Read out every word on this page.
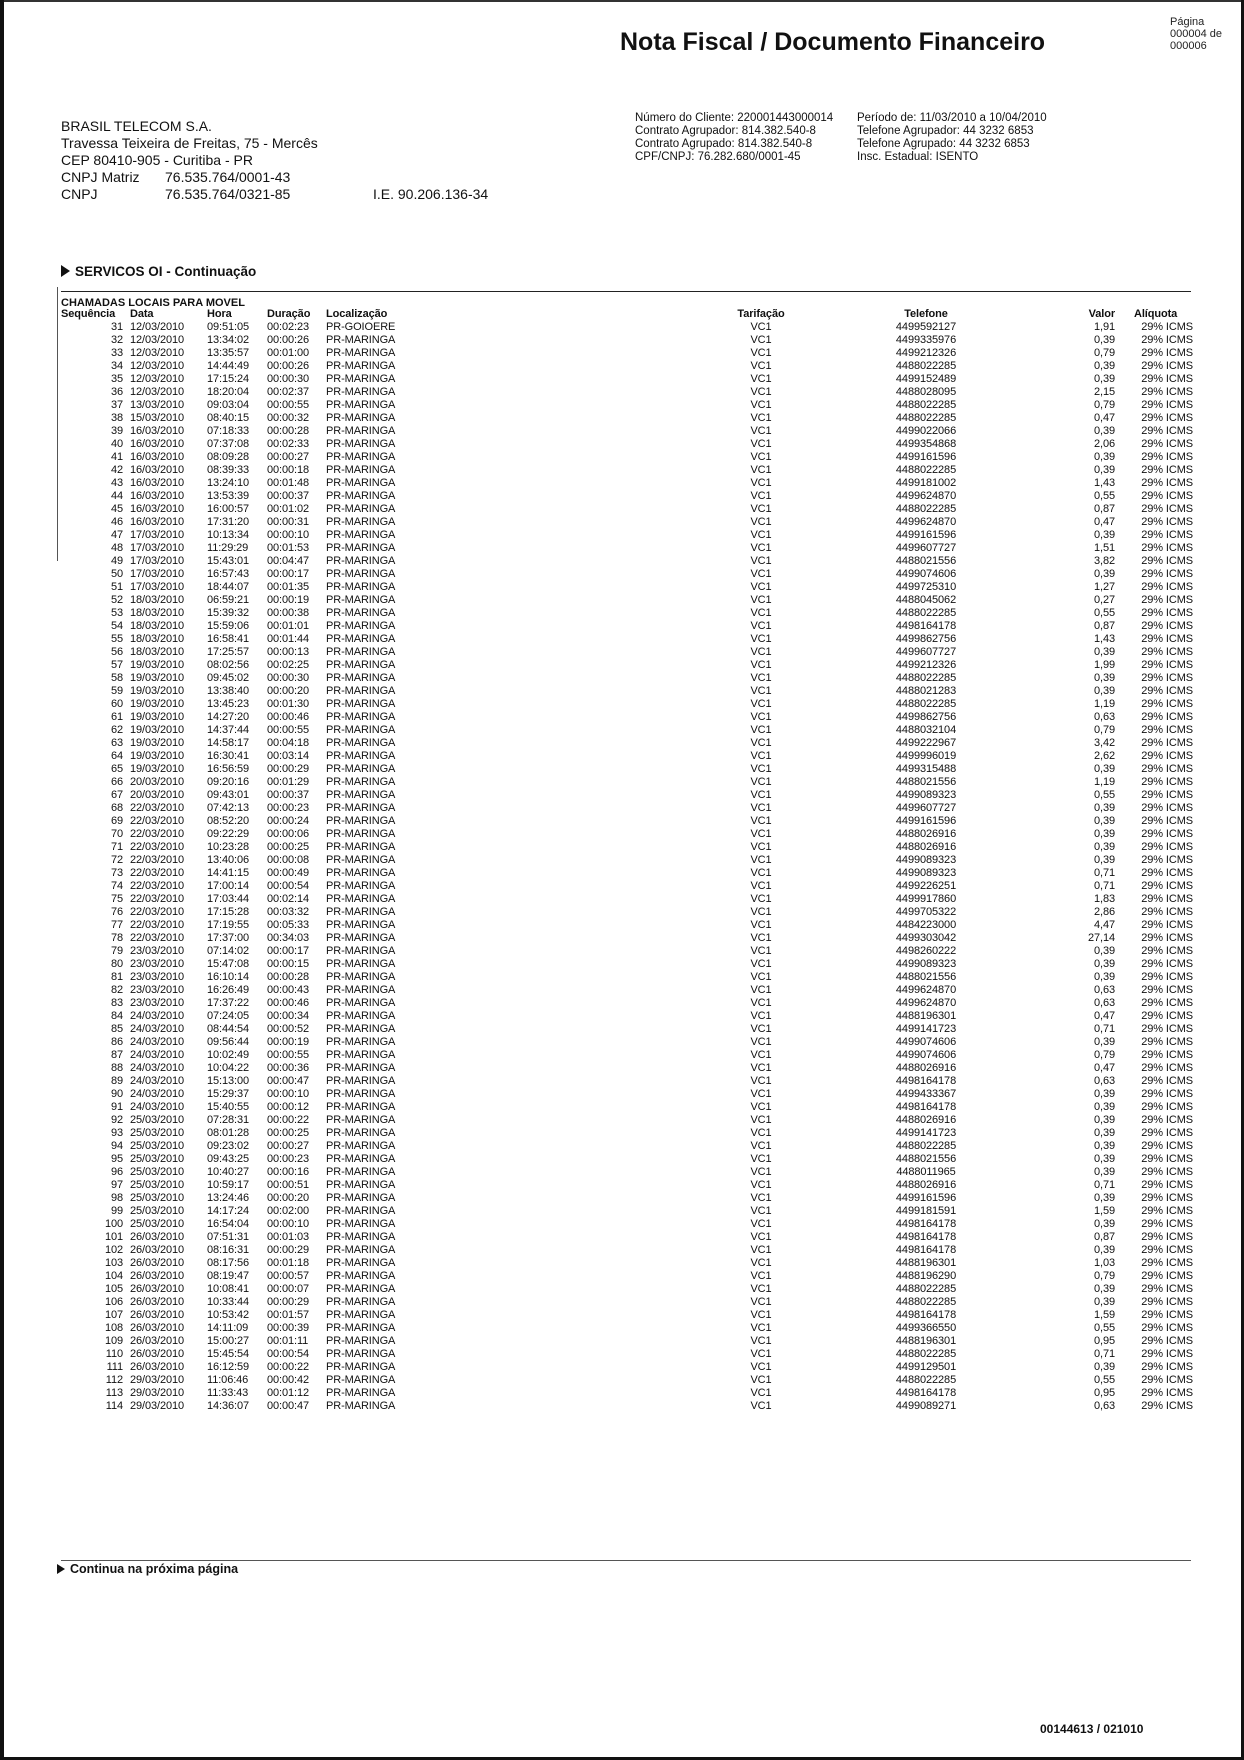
Nota Fiscal / Documento Financeiro
Página
000004 de
000006
BRASIL TELECOM S.A.
Travessa Teixeira de Freitas, 75 - Mercês
CEP 80410-905 - Curitiba - PR
CNPJ Matriz 76.535.764/0001-43
CNPJ	76.535.764/0321-85	I.E. 90.206.136-34
Número do Cliente: 220001443000014
Contrato Agrupador: 814.382.540-8
Contrato Agrupado: 814.382.540-8
CPF/CNPJ: 76.282.680/0001-45
Período de: 11/03/2010 a 10/04/2010
Telefone Agrupador: 44 3232 6853
Telefone Agrupado: 44 3232 6853
Insc. Estadual: ISENTO
SERVICOS OI - Continuação
CHAMADAS LOCAIS PARA MOVEL
Sequência	Data	Hora	Duração	Localização	Tarifação	Telefone	Valor Alíquota
31 12/03/2010	09:51:05	00:02:23	PR-GOIOERE	VC1	4499592127	1,91	29% ICMS
32 12/03/2010	13:34:02	00:00:26	PR-MARINGA	VC1	4499335976	0,39	29% ICMS
33 12/03/2010	13:35:57	00:01:00	PR-MARINGA	VC1	4499212326	0,79	29% ICMS
34 12/03/2010	14:44:49	00:00:26	PR-MARINGA	VC1	4488022285	0,39	29% ICMS
35 12/03/2010	17:15:24	00:00:30	PR-MARINGA	VC1	4499152489	0,39	29% ICMS
36 12/03/2010	18:20:04	00:02:37	PR-MARINGA	VC1	4488028095	2,15	29% ICMS
37 13/03/2010	09:03:04	00:00:55	PR-MARINGA	VC1	4488022285	0,79	29% ICMS
38 15/03/2010	08:40:15	00:00:32	PR-MARINGA	VC1	4488022285	0,47	29% ICMS
39 16/03/2010	07:18:33	00:00:28	PR-MARINGA	VC1	4499022066	0,39	29% ICMS
40 16/03/2010	07:37:08	00:02:33	PR-MARINGA	VC1	4499354868	2,06	29% ICMS
41 16/03/2010	08:09:28	00:00:27	PR-MARINGA	VC1	4499161596	0,39	29% ICMS
42 16/03/2010	08:39:33	00:00:18	PR-MARINGA	VC1	4488022285	0,39	29% ICMS
43 16/03/2010	13:24:10	00:01:48	PR-MARINGA	VC1	4499181002	1,43	29% ICMS
44 16/03/2010	13:53:39	00:00:37	PR-MARINGA	VC1	4499624870	0,55	29% ICMS
45 16/03/2010	16:00:57	00:01:02	PR-MARINGA	VC1	4488022285	0,87	29% ICMS
46 16/03/2010	17:31:20	00:00:31	PR-MARINGA	VC1	4499624870	0,47	29% ICMS
47 17/03/2010	10:13:34	00:00:10	PR-MARINGA	VC1	4499161596	0,39	29% ICMS
48 17/03/2010	11:29:29	00:01:53	PR-MARINGA	VC1	4499607727	1,51	29% ICMS
49 17/03/2010	15:43:01	00:04:47	PR-MARINGA	VC1	4488021556	3,82	29% ICMS
50 17/03/2010	16:57:43	00:00:17	PR-MARINGA	VC1	4499074606	0,39	29% ICMS
51 17/03/2010	18:44:07	00:01:35	PR-MARINGA	VC1	4499725310	1,27	29% ICMS
52 18/03/2010	06:59:21	00:00:19	PR-MARINGA	VC1	4488045062	0,27	29% ICMS
53 18/03/2010	15:39:32	00:00:38	PR-MARINGA	VC1	4488022285	0,55	29% ICMS
54 18/03/2010	15:59:06	00:01:01	PR-MARINGA	VC1	4498164178	0,87	29% ICMS
55 18/03/2010	16:58:41	00:01:44	PR-MARINGA	VC1	4499862756	1,43	29% ICMS
56 18/03/2010	17:25:57	00:00:13	PR-MARINGA	VC1	4499607727	0,39	29% ICMS
57 19/03/2010	08:02:56	00:02:25	PR-MARINGA	VC1	4499212326	1,99	29% ICMS
58 19/03/2010	09:45:02	00:00:30	PR-MARINGA	VC1	4488022285	0,39	29% ICMS
59 19/03/2010	13:38:40	00:00:20	PR-MARINGA	VC1	4488021283	0,39	29% ICMS
60 19/03/2010	13:45:23	00:01:30	PR-MARINGA	VC1	4488022285	1,19	29% ICMS
61 19/03/2010	14:27:20	00:00:46	PR-MARINGA	VC1	4499862756	0,63	29% ICMS
62 19/03/2010	14:37:44	00:00:55	PR-MARINGA	VC1	4488032104	0,79	29% ICMS
63 19/03/2010	14:58:17	00:04:18	PR-MARINGA	VC1	4499222967	3,42	29% ICMS
64 19/03/2010	16:30:41	00:03:14	PR-MARINGA	VC1	4499996019	2,62	29% ICMS
65 19/03/2010	16:56:59	00:00:29	PR-MARINGA	VC1	4499315488	0,39	29% ICMS
66 20/03/2010	09:20:16	00:01:29	PR-MARINGA	VC1	4488021556	1,19	29% ICMS
67 20/03/2010	09:43:01	00:00:37	PR-MARINGA	VC1	4499089323	0,55	29% ICMS
68 22/03/2010	07:42:13	00:00:23	PR-MARINGA	VC1	4499607727	0,39	29% ICMS
69 22/03/2010	08:52:20	00:00:24	PR-MARINGA	VC1	4499161596	0,39	29% ICMS
70 22/03/2010	09:22:29	00:00:06	PR-MARINGA	VC1	4488026916	0,39	29% ICMS
71 22/03/2010	10:23:28	00:00:25	PR-MARINGA	VC1	4488026916	0,39	29% ICMS
72 22/03/2010	13:40:06	00:00:08	PR-MARINGA	VC1	4499089323	0,39	29% ICMS
73 22/03/2010	14:41:15	00:00:49	PR-MARINGA	VC1	4499089323	0,71	29% ICMS
74 22/03/2010	17:00:14	00:00:54	PR-MARINGA	VC1	4499226251	0,71	29% ICMS
75 22/03/2010	17:03:44	00:02:14	PR-MARINGA	VC1	4499917860	1,83	29% ICMS
76 22/03/2010	17:15:28	00:03:32	PR-MARINGA	VC1	4499705322	2,86	29% ICMS
77 22/03/2010	17:19:55	00:05:33	PR-MARINGA	VC1	4484223000	4,47	29% ICMS
78 22/03/2010	17:37:00	00:34:03	PR-MARINGA	VC1	4499303042	27,14	29% ICMS
79 23/03/2010	07:14:02	00:00:17	PR-MARINGA	VC1	4498260222	0,39	29% ICMS
80 23/03/2010	15:47:08	00:00:15	PR-MARINGA	VC1	4499089323	0,39	29% ICMS
81 23/03/2010	16:10:14	00:00:28	PR-MARINGA	VC1	4488021556	0,39	29% ICMS
82 23/03/2010	16:26:49	00:00:43	PR-MARINGA	VC1	4499624870	0,63	29% ICMS
83 23/03/2010	17:37:22	00:00:46	PR-MARINGA	VC1	4499624870	0,63	29% ICMS
84 24/03/2010	07:24:05	00:00:34	PR-MARINGA	VC1	4488196301	0,47	29% ICMS
85 24/03/2010	08:44:54	00:00:52	PR-MARINGA	VC1	4499141723	0,71	29% ICMS
86 24/03/2010	09:56:44	00:00:19	PR-MARINGA	VC1	4499074606	0,39	29% ICMS
87 24/03/2010	10:02:49	00:00:55	PR-MARINGA	VC1	4499074606	0,79	29% ICMS
88 24/03/2010	10:04:22	00:00:36	PR-MARINGA	VC1	4488026916	0,47	29% ICMS
89 24/03/2010	15:13:00	00:00:47	PR-MARINGA	VC1	4498164178	0,63	29% ICMS
90 24/03/2010	15:29:37	00:00:10	PR-MARINGA	VC1	4499433367	0,39	29% ICMS
91 24/03/2010	15:40:55	00:00:12	PR-MARINGA	VC1	4498164178	0,39	29% ICMS
92 25/03/2010	07:28:31	00:00:22	PR-MARINGA	VC1	4488026916	0,39	29% ICMS
93 25/03/2010	08:01:28	00:00:25	PR-MARINGA	VC1	4499141723	0,39	29% ICMS
94 25/03/2010	09:23:02	00:00:27	PR-MARINGA	VC1	4488022285	0,39	29% ICMS
95 25/03/2010	09:43:25	00:00:23	PR-MARINGA	VC1	4488021556	0,39	29% ICMS
96 25/03/2010	10:40:27	00:00:16	PR-MARINGA	VC1	4488011965	0,39	29% ICMS
97 25/03/2010	10:59:17	00:00:51	PR-MARINGA	VC1	4488026916	0,71	29% ICMS
98 25/03/2010	13:24:46	00:00:20	PR-MARINGA	VC1	4499161596	0,39	29% ICMS
99 25/03/2010	14:17:24	00:02:00	PR-MARINGA	VC1	4499181591	1,59	29% ICMS
100 25/03/2010	16:54:04	00:00:10	PR-MARINGA	VC1	4498164178	0,39	29% ICMS
101 26/03/2010	07:51:31	00:01:03	PR-MARINGA	VC1	4498164178	0,87	29% ICMS
102 26/03/2010	08:16:31	00:00:29	PR-MARINGA	VC1	4498164178	0,39	29% ICMS
103 26/03/2010	08:17:56	00:01:18	PR-MARINGA	VC1	4488196301	1,03	29% ICMS
104 26/03/2010	08:19:47	00:00:57	PR-MARINGA	VC1	4488196290	0,79	29% ICMS
105 26/03/2010	10:08:41	00:00:07	PR-MARINGA	VC1	4488022285	0,39	29% ICMS
106 26/03/2010	10:33:44	00:00:29	PR-MARINGA	VC1	4488022285	0,39	29% ICMS
107 26/03/2010	10:53:42	00:01:57	PR-MARINGA	VC1	4498164178	1,59	29% ICMS
108 26/03/2010	14:11:09	00:00:39	PR-MARINGA	VC1	4499366550	0,55	29% ICMS
109 26/03/2010	15:00:27	00:01:11	PR-MARINGA	VC1	4488196301	0,95	29% ICMS
110 26/03/2010	15:45:54	00:00:54	PR-MARINGA	VC1	4488022285	0,71	29% ICMS
111 26/03/2010	16:12:59	00:00:22	PR-MARINGA	VC1	4499129501	0,39	29% ICMS
112 29/03/2010	11:06:46	00:00:42	PR-MARINGA	VC1	4488022285	0,55	29% ICMS
113 29/03/2010	11:33:43	00:01:12	PR-MARINGA	VC1	4498164178	0,95	29% ICMS
114 29/03/2010	14:36:07	00:00:47	PR-MARINGA	VC1	4499089271	0,63	29% ICMS
Continua na próxima página
00144613 / 021010
